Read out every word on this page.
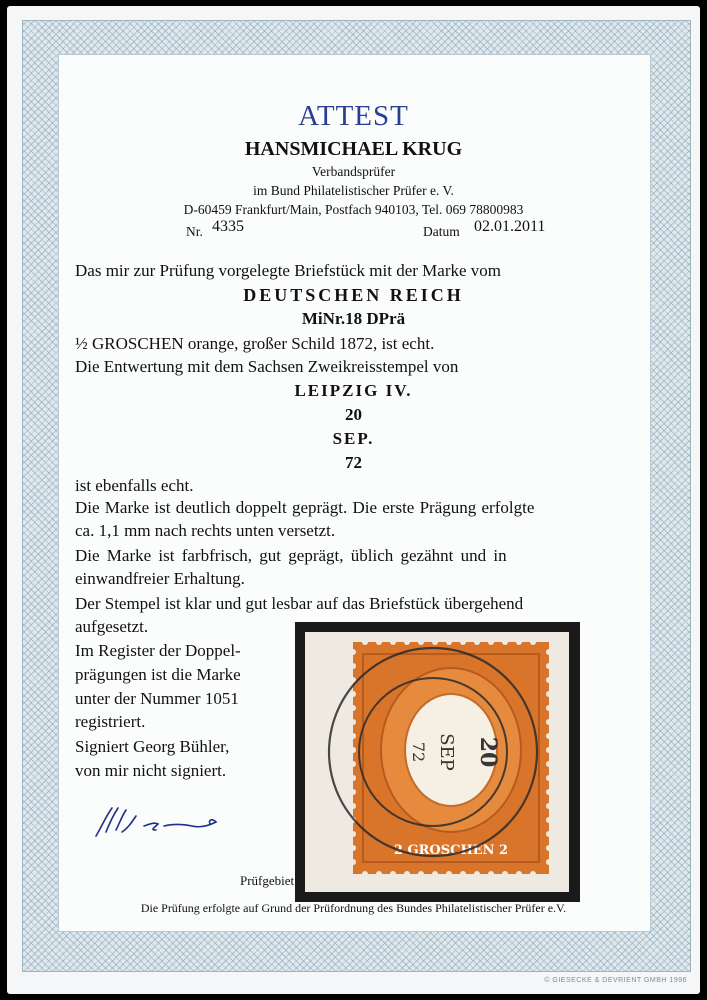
ATTEST
HANSMICHAEL KRUG
Verbandsprüfer
im Bund Philatelistischer Prüfer e. V.
D-60459 Frankfurt/Main, Postfach 940103, Tel. 069 78800983
Nr. 4335	Datum 02.01.2011
Das mir zur Prüfung vorgelegte Briefstück mit der Marke vom
DEUTSCHEN REICH
MiNr.18 DPrä
½ GROSCHEN orange, großer Schild 1872, ist echt.
Die Entwertung mit dem Sachsen Zweikreisstempel von
LEIPZIG IV.
20
SEP.
72
ist ebenfalls echt.
Die Marke ist deutlich doppelt geprägt. Die erste Prägung erfolgte
ca. 1,1 mm nach rechts unten versetzt.
Die Marke ist farbfrisch, gut geprägt, üblich gezähnt und in
einwandfreier Erhaltung.
Der Stempel ist klar und gut lesbar auf das Briefstück übergehend
aufgesetzt.
Im Register der Doppel-
prägungen ist die Marke
unter der Nummer 1051
registriert.
Signiert Georg Bühler,
von mir nicht signiert.
2 GROSCHEN 2
20
SEP
72
Prüfgebiet:
Die Prüfung erfolgte auf Grund der Prüfordnung des Bundes Philatelistischer Prüfer e.V.
© GIESECKE & DEVRIENT GMBH 1996
